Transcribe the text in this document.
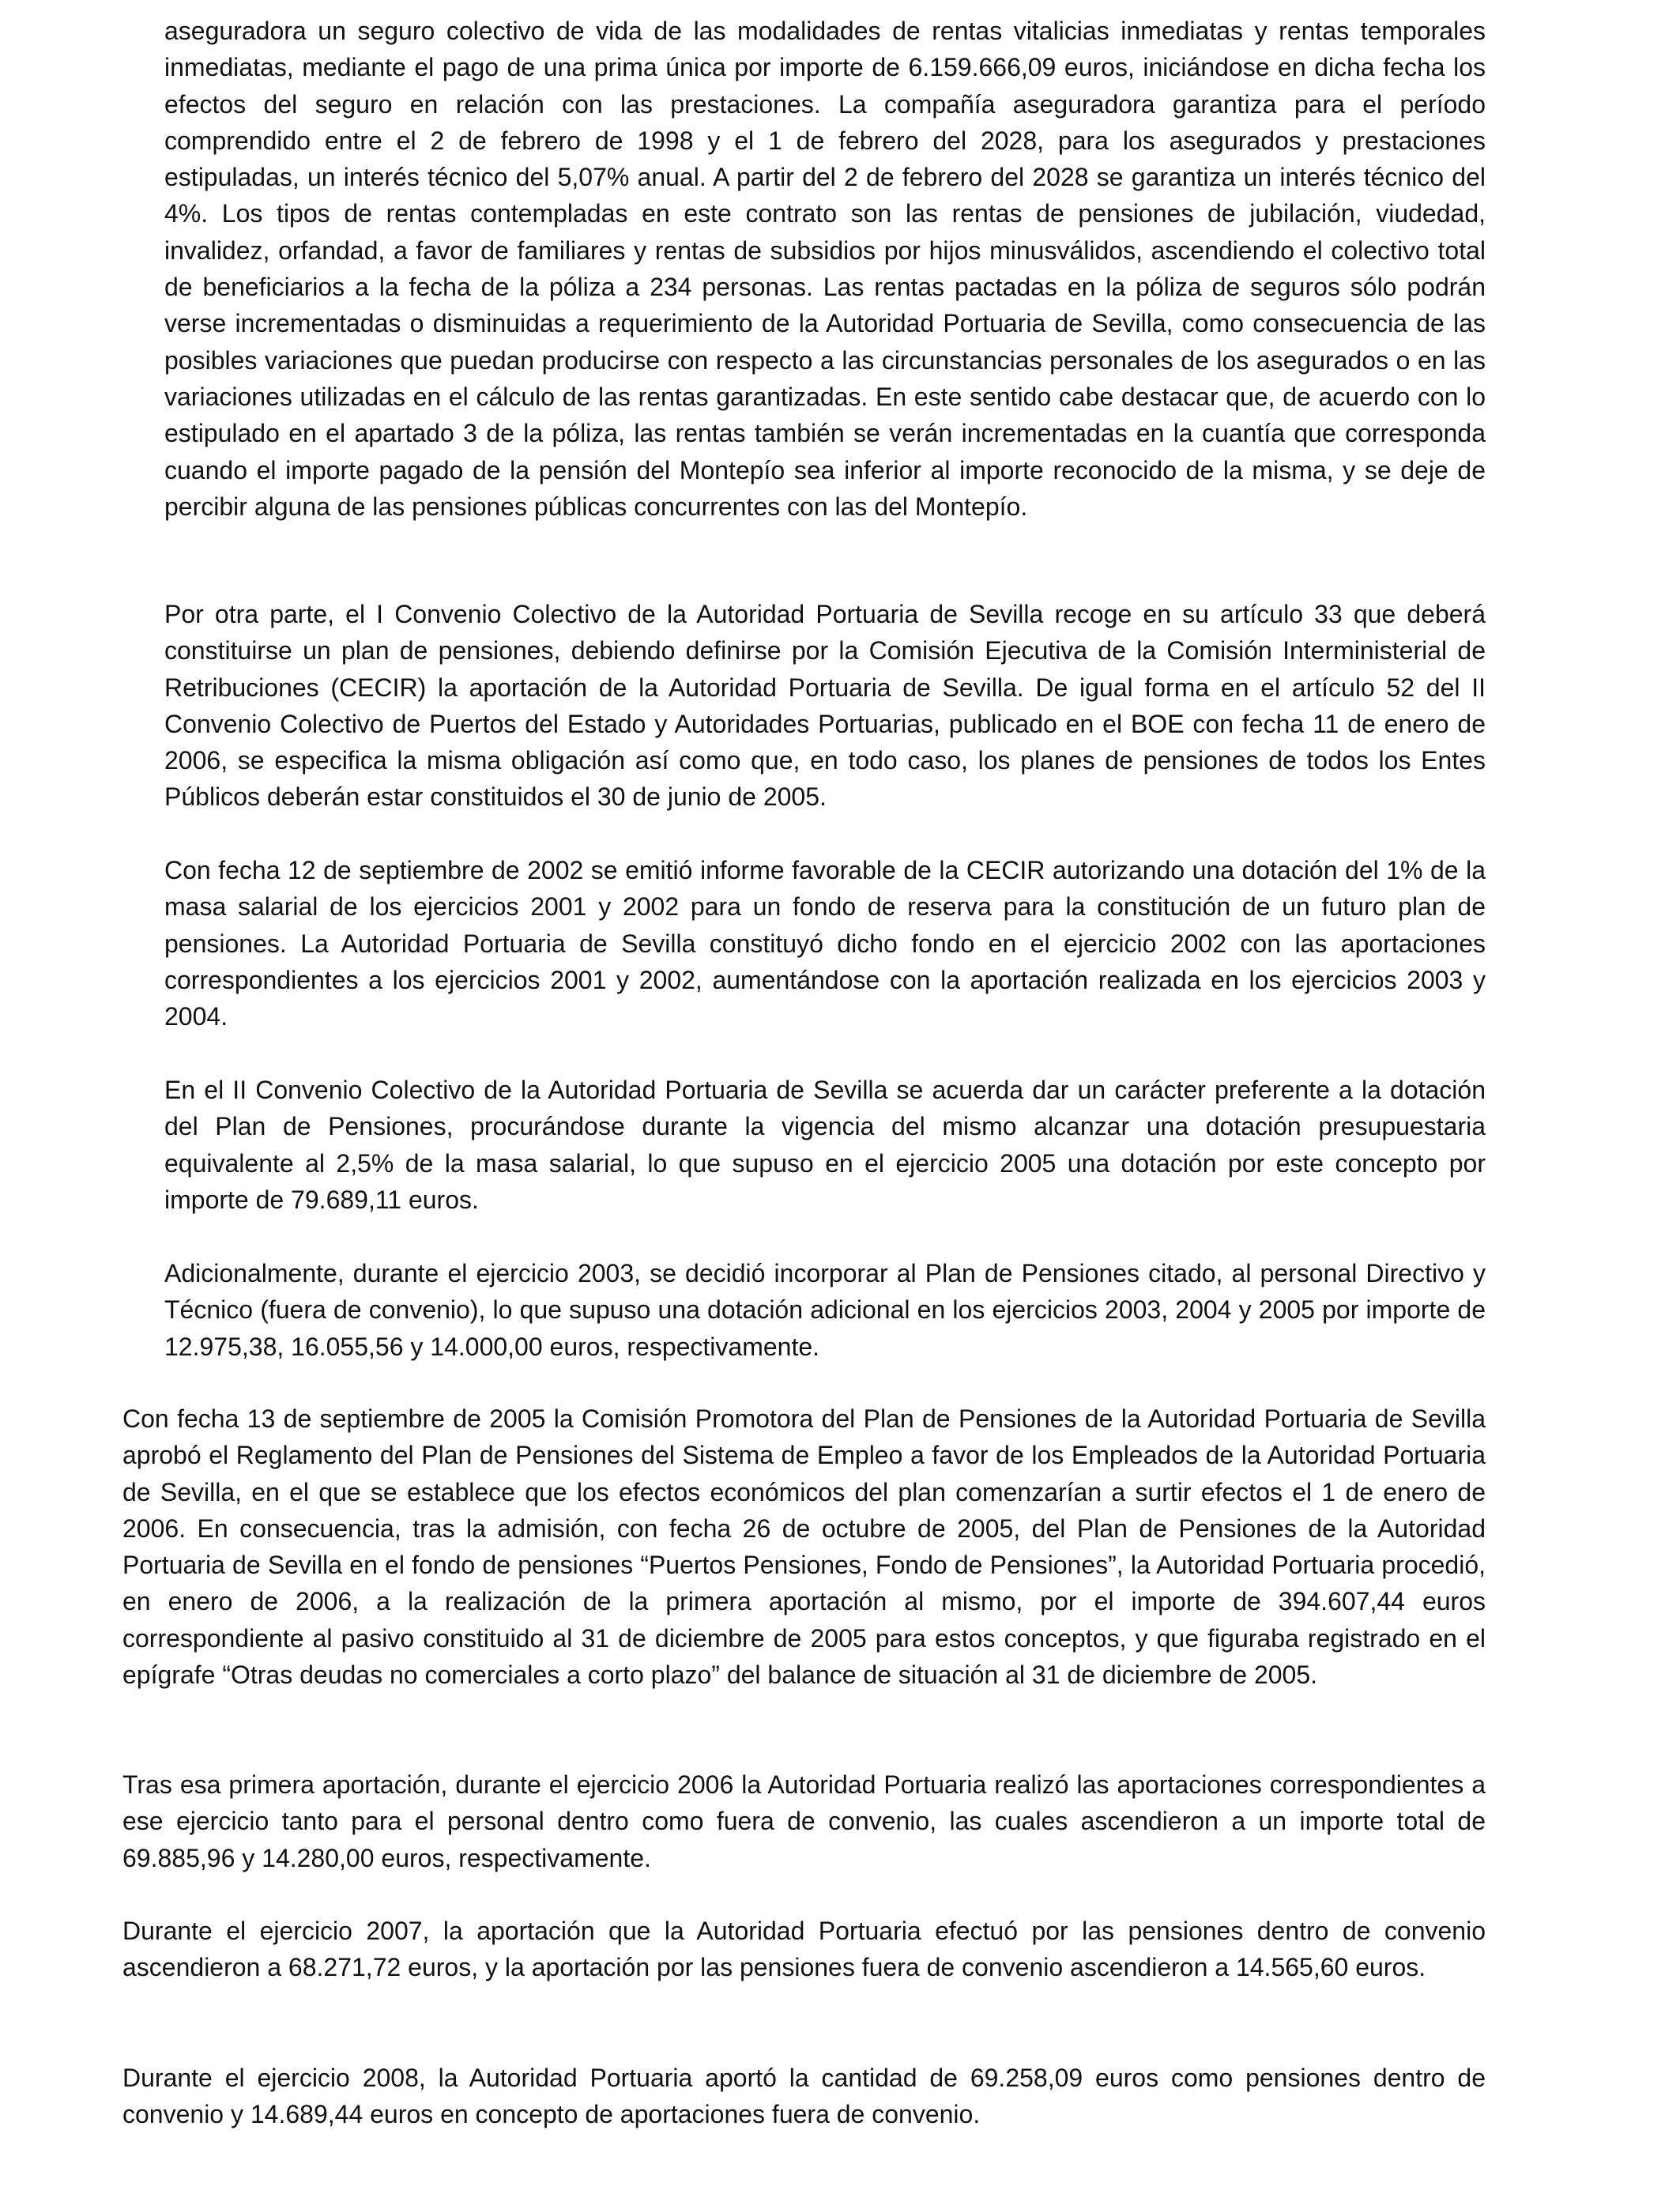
aseguradora un seguro colectivo de vida de las modalidades de rentas vitalicias inmediatas y rentas temporales inmediatas, mediante el pago de una prima única por importe de 6.159.666,09 euros, iniciándose en dicha fecha los efectos del seguro en relación con las prestaciones. La compañía aseguradora garantiza para el período comprendido entre el 2 de febrero de 1998 y el 1 de febrero del 2028, para los asegurados y prestaciones estipuladas, un interés técnico del 5,07% anual. A partir del 2 de febrero del 2028 se garantiza un interés técnico del 4%. Los tipos de rentas contempladas en este contrato son las rentas de pensiones de jubilación, viudedad, invalidez, orfandad, a favor de familiares y rentas de subsidios por hijos minusválidos, ascendiendo el colectivo total de beneficiarios a la fecha de la póliza a 234 personas. Las rentas pactadas en la póliza de seguros sólo podrán verse incrementadas o disminuidas a requerimiento de la Autoridad Portuaria de Sevilla, como consecuencia de las posibles variaciones que puedan producirse con respecto a las circunstancias personales de los asegurados o en las variaciones utilizadas en el cálculo de las rentas garantizadas. En este sentido cabe destacar que, de acuerdo con lo estipulado en el apartado 3 de la póliza, las rentas también se verán incrementadas en la cuantía que corresponda cuando el importe pagado de la pensión del Montepío sea inferior al importe reconocido de la misma, y se deje de percibir alguna de las pensiones públicas concurrentes con las del Montepío.

Por otra parte, el I Convenio Colectivo de la Autoridad Portuaria de Sevilla recoge en su artículo 33 que deberá constituirse un plan de pensiones, debiendo definirse por la Comisión Ejecutiva de la Comisión Interministerial de Retribuciones (CECIR) la aportación de la Autoridad Portuaria de Sevilla. De igual forma en el artículo 52 del II Convenio Colectivo de Puertos del Estado y Autoridades Portuarias, publicado en el BOE con fecha 11 de enero de 2006, se especifica la misma obligación así como que, en todo caso, los planes de pensiones de todos los Entes Públicos deberán estar constituidos el 30 de junio de 2005.

Con fecha 12 de septiembre de 2002 se emitió informe favorable de la CECIR autorizando una dotación del 1% de la masa salarial de los ejercicios 2001 y 2002 para un fondo de reserva para la constitución de un futuro plan de pensiones. La Autoridad Portuaria de Sevilla constituyó dicho fondo en el ejercicio 2002 con las aportaciones correspondientes a los ejercicios 2001 y 2002, aumentándose con la aportación realizada en los ejercicios 2003 y 2004.

En el II Convenio Colectivo de la Autoridad Portuaria de Sevilla se acuerda dar un carácter preferente a la dotación del Plan de Pensiones, procurándose durante la vigencia del mismo alcanzar una dotación presupuestaria equivalente al 2,5% de la masa salarial, lo que supuso en el ejercicio 2005 una dotación por este concepto por importe de 79.689,11 euros.

Adicionalmente, durante el ejercicio 2003, se decidió incorporar al Plan de Pensiones citado, al personal Directivo y Técnico (fuera de convenio), lo que supuso una dotación adicional en los ejercicios 2003, 2004 y 2005 por importe de 12.975,38, 16.055,56 y 14.000,00 euros, respectivamente.

Con fecha 13 de septiembre de 2005 la Comisión Promotora del Plan de Pensiones de la Autoridad Portuaria de Sevilla aprobó el Reglamento del Plan de Pensiones del Sistema de Empleo a favor de los Empleados de la Autoridad Portuaria de Sevilla, en el que se establece que los efectos económicos del plan comenzarían a surtir efectos el 1 de enero de 2006. En consecuencia, tras la admisión, con fecha 26 de octubre de 2005, del Plan de Pensiones de la Autoridad Portuaria de Sevilla en el fondo de pensiones “Puertos Pensiones, Fondo de Pensiones”, la Autoridad Portuaria procedió, en enero de 2006, a la realización de la primera aportación al mismo, por el importe de 394.607,44 euros correspondiente al pasivo constituido al 31 de diciembre de 2005 para estos conceptos, y que figuraba registrado en el epígrafe “Otras deudas no comerciales a corto plazo” del balance de situación al 31 de diciembre de 2005.

Tras esa primera aportación, durante el ejercicio 2006 la Autoridad Portuaria realizó las aportaciones correspondientes a ese ejercicio tanto para el personal dentro como fuera de convenio, las cuales ascendieron a un importe total de 69.885,96 y 14.280,00 euros, respectivamente.

Durante el ejercicio 2007, la aportación que la Autoridad Portuaria efectuó por las pensiones dentro de convenio ascendieron a 68.271,72 euros, y la aportación por las pensiones fuera de convenio ascendieron a 14.565,60 euros.

Durante el ejercicio 2008, la Autoridad Portuaria aportó la cantidad de 69.258,09 euros como pensiones dentro de convenio y 14.689,44 euros en concepto de aportaciones fuera de convenio.
